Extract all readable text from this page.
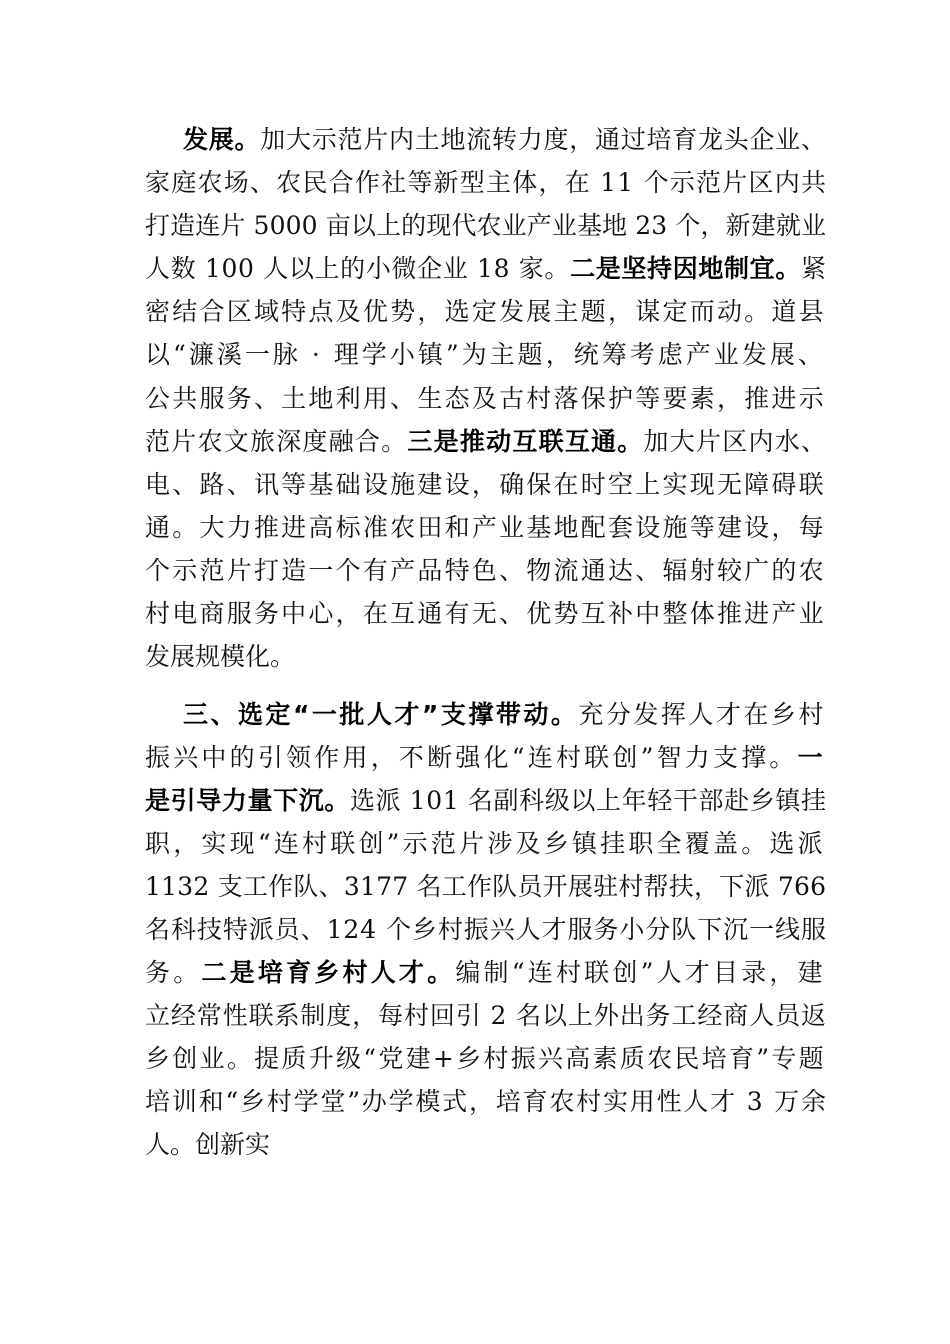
发展。加大示范片内土地流转力度，通过培育龙头企业、
家庭农场、农民合作社等新型主体，在 11 个示范片区内共
打造连片 5000 亩以上的现代农业产业基地 23 个，新建就业
人数 100 人以上的小微企业 18 家。二是坚持因地制宜。紧
密结合区域特点及优势，选定发展主题，谋定而动。道县
以“濂溪一脉 · 理学小镇”为主题，统筹考虑产业发展、
公共服务、土地利用、生态及古村落保护等要素，推进示
范片农文旅深度融合。三是推动互联互通。加大片区内水、
电、路、讯等基础设施建设，确保在时空上实现无障碍联
通。大力推进高标准农田和产业基地配套设施等建设，每
个示范片打造一个有产品特色、物流通达、辐射较广的农
村电商服务中心，在互通有无、优势互补中整体推进产业
发展规模化。
三、选定“一批人才”支撑带动。充分发挥人才在乡村
振兴中的引领作用，不断强化“连村联创”智力支撑。一
是引导力量下沉。选派 101 名副科级以上年轻干部赴乡镇挂
职，实现“连村联创”示范片涉及乡镇挂职全覆盖。选派
1132 支工作队、3177 名工作队员开展驻村帮扶，下派 766
名科技特派员、124 个乡村振兴人才服务小分队下沉一线服
务。二是培育乡村人才。编制“连村联创”人才目录，建
立经常性联系制度，每村回引 2 名以上外出务工经商人员返
乡创业。提质升级“党建+乡村振兴高素质农民培育”专题
培训和“乡村学堂”办学模式，培育农村实用性人才 3 万余
人。创新实
